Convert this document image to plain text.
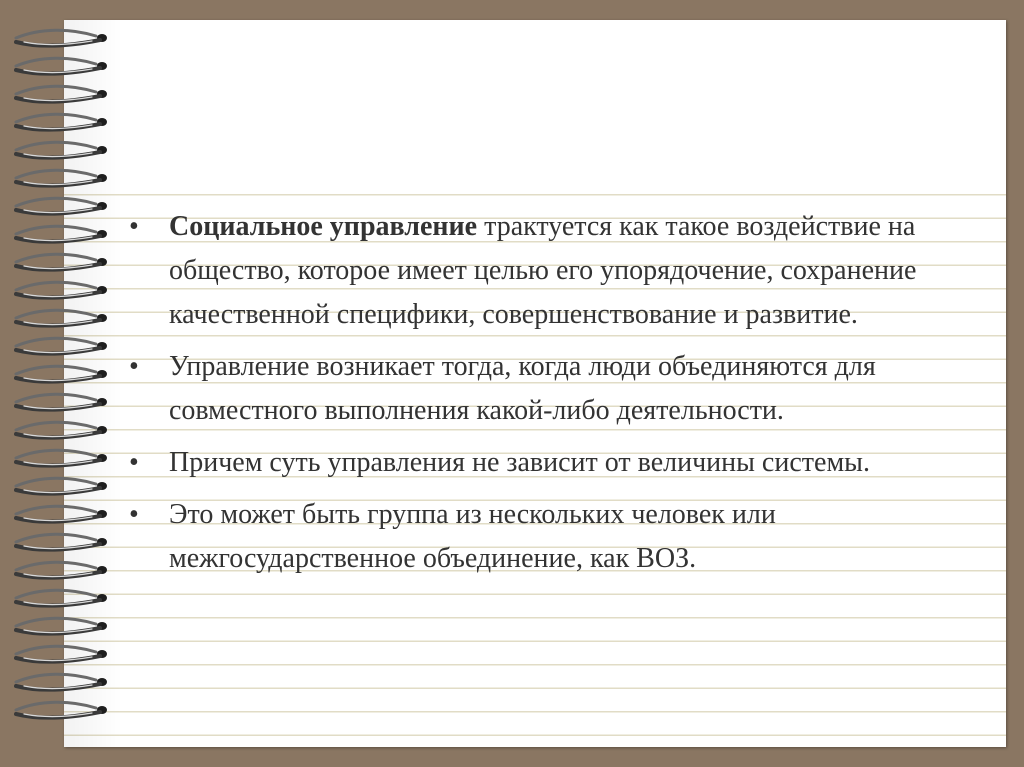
• Социальное управление трактуется как такое воздействие на общество, которое имеет целью его упорядочение, сохранение качественной специфики, совершенствование и развитие.
• Управление возникает тогда, когда люди объединяются для совместного выполнения какой-либо деятельности.
• Причем суть управления не зависит от величины системы.
• Это может быть группа из нескольких человек или межгосударственное объединение, как ВОЗ.
